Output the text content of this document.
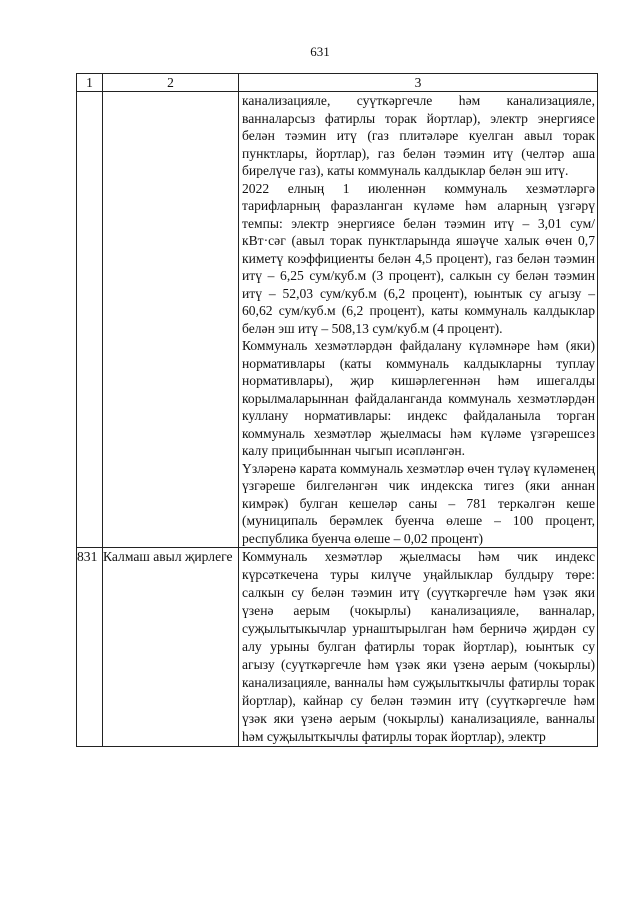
631
1	2	3

		канализацияле, суүткәргечле һәм канализацияле, ванналарсыз фатирлы торак йортлар), электр энергиясе белән тәэмин итү (газ плитәләре куелган авыл торак пунктлары, йортлар), газ белән тәэмин итү (челтәр аша бирелүче газ), каты коммуналь калдыклар белән эш итү.

2022 елның 1 июленнән коммуналь хезмәтләргә тарифларның фаразланган күләме һәм аларның үзгәрү темпы: электр энергиясе белән тәэмин итү – 3,01 сум/кВт·сәг (авыл торак пунктларында яшәүче халык өчен 0,7 киметү коэффициенты белән 4,5 процент), газ белән тәэмин итү – 6,25 сум/куб.м (3 процент), салкын су белән тәэмин итү – 52,03 сум/куб.м (6,2 процент), юынтык су агызу – 60,62 сум/куб.м (6,2 процент), каты коммуналь калдыклар белән эш итү – 508,13 сум/куб.м (4 процент).

Коммуналь хезмәтләрдән файдалану күләмнәре һәм (яки) нормативлары (каты коммуналь калдыкларны туплау нормативлары), җир кишәрлегеннән һәм ишегалды корылмаларыннан файдаланганда коммуналь хезмәтләрдән куллану нормативлары: индекс файдаланыла торган коммуналь хезмәтләр җыелмасы һәм күләме үзгәрешсез калу прицибыннан чыгып исәпләнгән.

Үзләренә карата коммуналь хезмәтләр өчен түләү күләменең үзгәреше билгеләнгән чик индекска тигез (яки аннан кимрәк) булган кешеләр саны – 781 теркәлгән кеше (муниципаль берәмлек буенча өлеше – 100 процент, республика буенча өлеше – 0,02 процент)

831	Калмаш авыл җирлеге	Коммуналь хезмәтләр җыелмасы һәм чик индекс күрсәткечена туры килүче уңайлыклар булдыру төре: салкын су белән тәэмин итү (суүткәргечле һәм үзәк яки үзенә аерым (чокырлы) канализацияле, ванналар, суҗылытыкычлар урнаштырылган һәм берничә җирдән су алу урыны булган фатирлы торак йортлар), юынтык су агызу (суүткәргечле һәм үзәк яки үзенә аерым (чокырлы) канализацияле, ванналы һәм суҗылыткычлы фатирлы торак йортлар), кайнар су белән тәэмин итү (суүткәргечле һәм үзәк яки үзенә аерым (чокырлы) канализацияле, ванналы һәм суҗылыткычлы фатирлы торак йортлар), электр
